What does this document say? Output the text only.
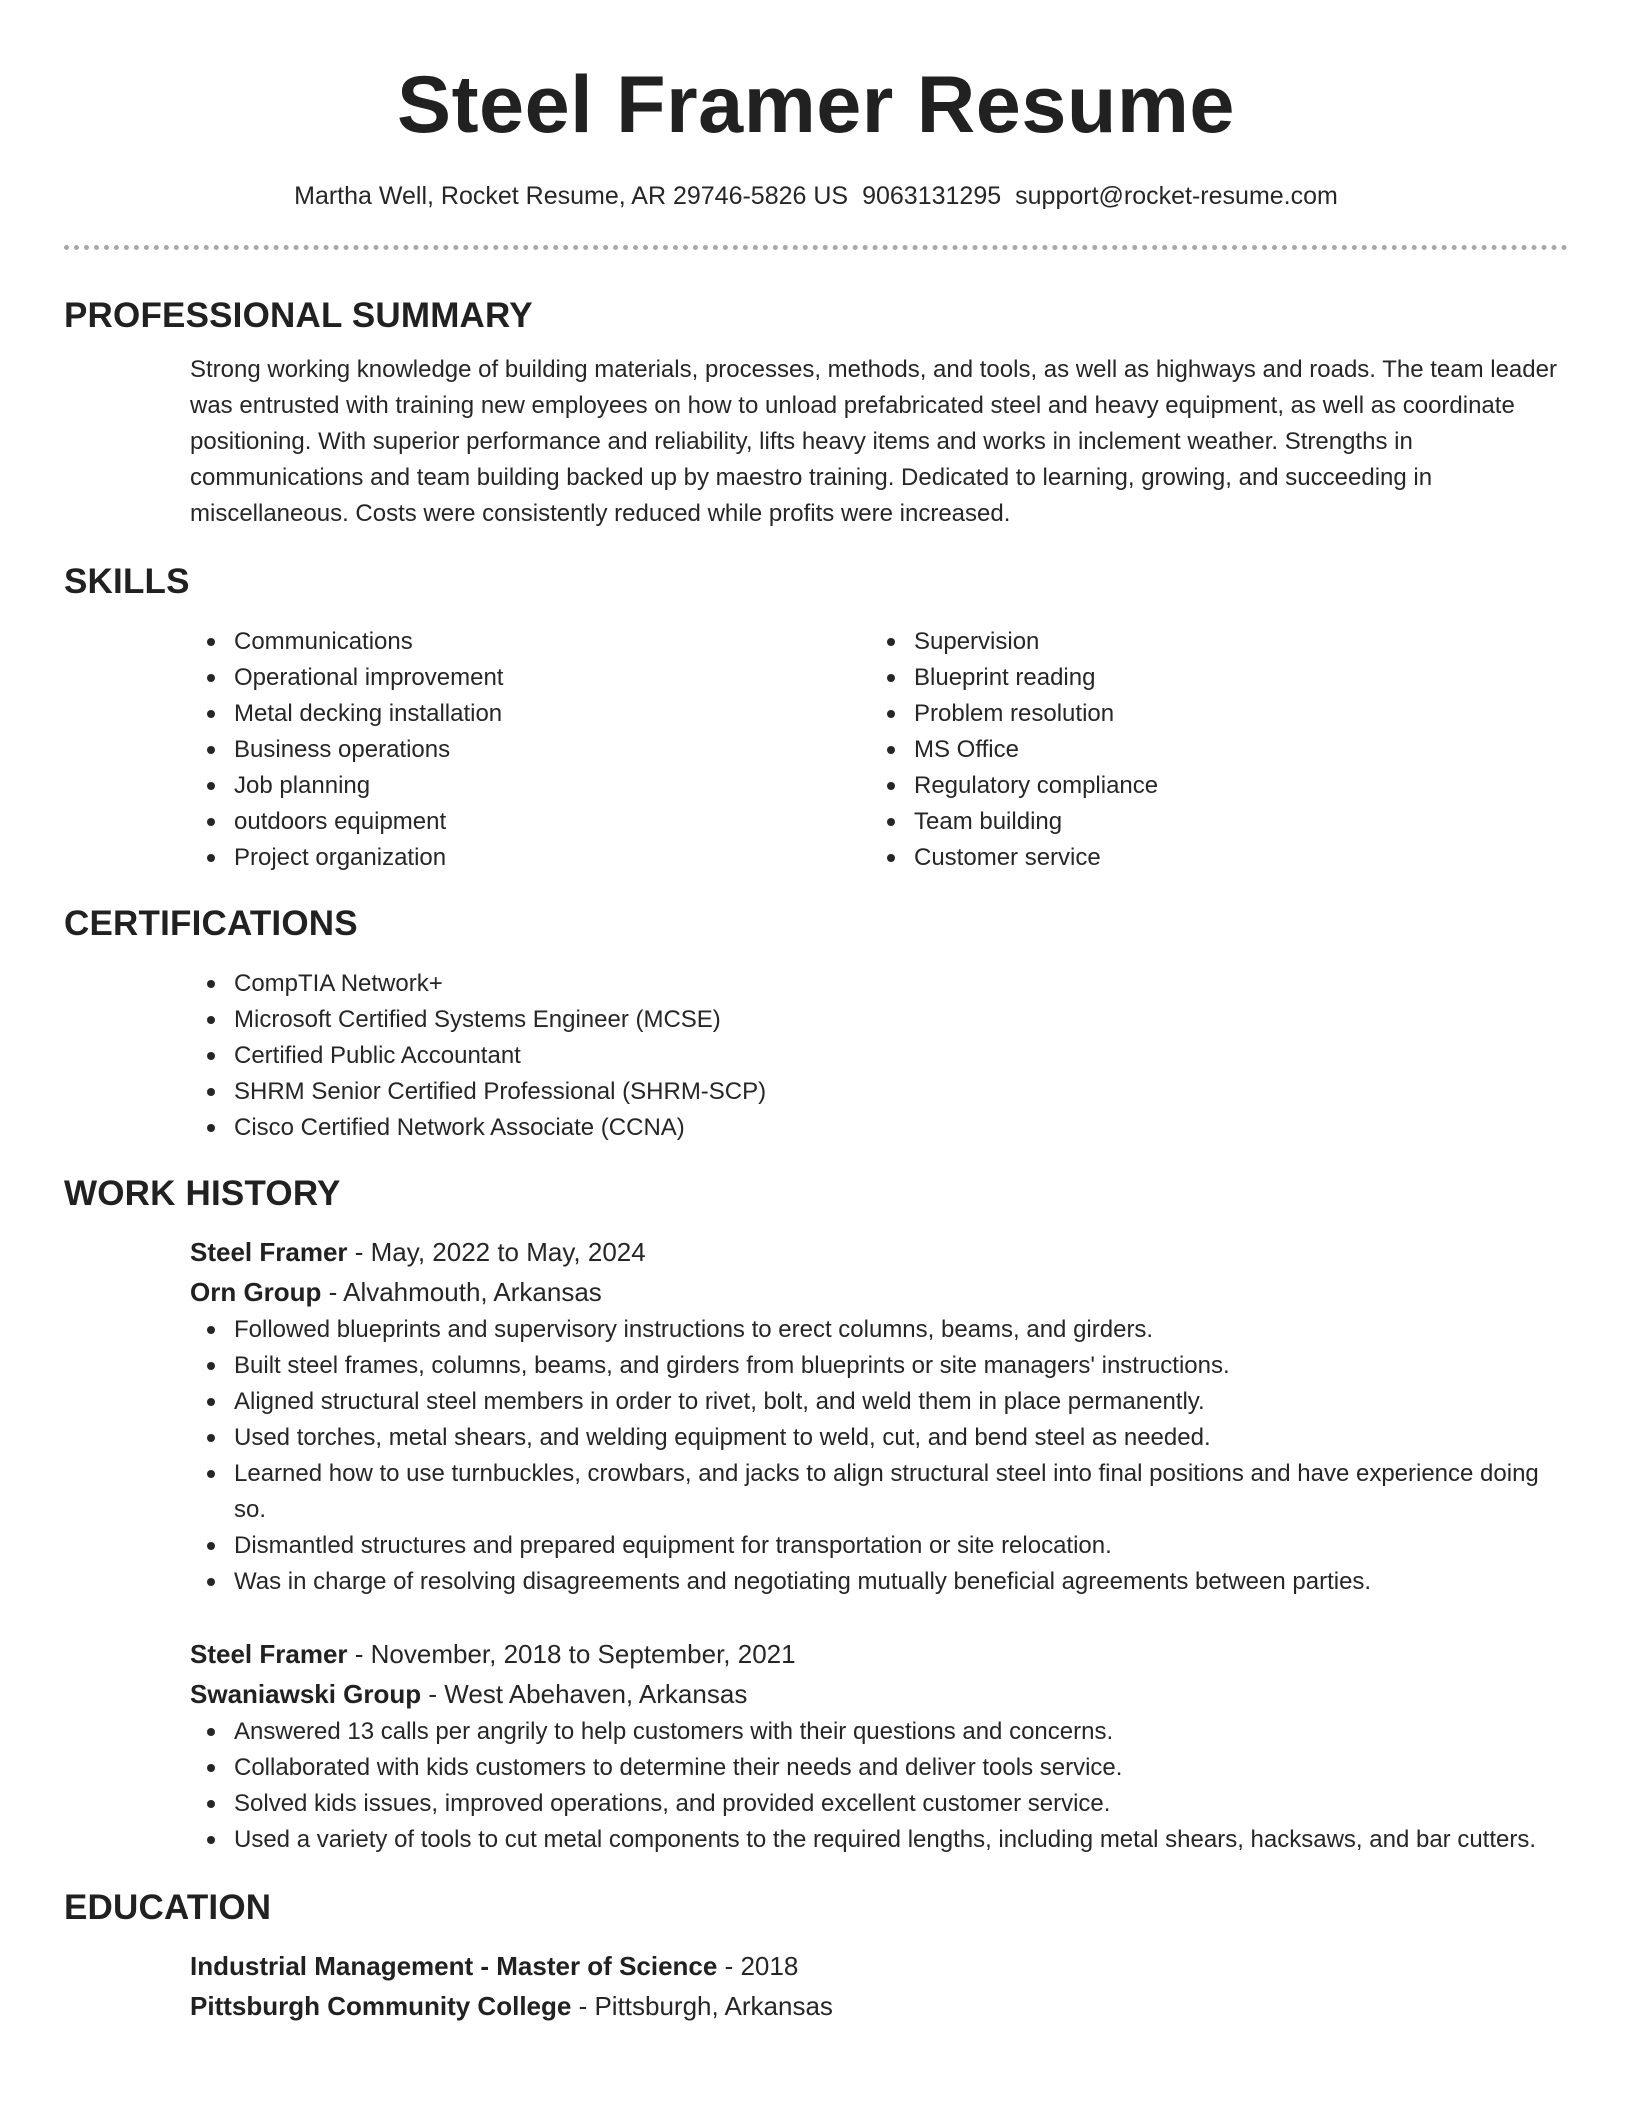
Steel Framer Resume
Martha Well, Rocket Resume, AR 29746-5826 US 9063131295 support@rocket-resume.com
PROFESSIONAL SUMMARY

Strong working knowledge of building materials, processes, methods, and tools, as well as highways and roads. The team leader was entrusted with training new employees on how to unload prefabricated steel and heavy equipment, as well as coordinate positioning. With superior performance and reliability, lifts heavy items and works in inclement weather. Strengths in communications and team building backed up by maestro training. Dedicated to learning, growing, and succeeding in miscellaneous. Costs were consistently reduced while profits were increased.

SKILLS
Communications
Operational improvement
Metal decking installation
Business operations
Job planning
outdoors equipment
Project organization
Supervision
Blueprint reading
Problem resolution
MS Office
Regulatory compliance
Team building
Customer service
CERTIFICATIONS
CompTIA Network+
Microsoft Certified Systems Engineer (MCSE)
Certified Public Accountant
SHRM Senior Certified Professional (SHRM-SCP)
Cisco Certified Network Associate (CCNA)
WORK HISTORY
Steel Framer - May, 2022 to May, 2024
Orn Group - Alvahmouth, Arkansas
Followed blueprints and supervisory instructions to erect columns, beams, and girders.
Built steel frames, columns, beams, and girders from blueprints or site managers' instructions.
Aligned structural steel members in order to rivet, bolt, and weld them in place permanently.
Used torches, metal shears, and welding equipment to weld, cut, and bend steel as needed.
Learned how to use turnbuckles, crowbars, and jacks to align structural steel into final positions and have experience doing so.
Dismantled structures and prepared equipment for transportation or site relocation.
Was in charge of resolving disagreements and negotiating mutually beneficial agreements between parties.
Steel Framer - November, 2018 to September, 2021
Swaniawski Group - West Abehaven, Arkansas
Answered 13 calls per angrily to help customers with their questions and concerns.
Collaborated with kids customers to determine their needs and deliver tools service.
Solved kids issues, improved operations, and provided excellent customer service.
Used a variety of tools to cut metal components to the required lengths, including metal shears, hacksaws, and bar cutters.
EDUCATION
Industrial Management - Master of Science - 2018
Pittsburgh Community College - Pittsburgh, Arkansas
